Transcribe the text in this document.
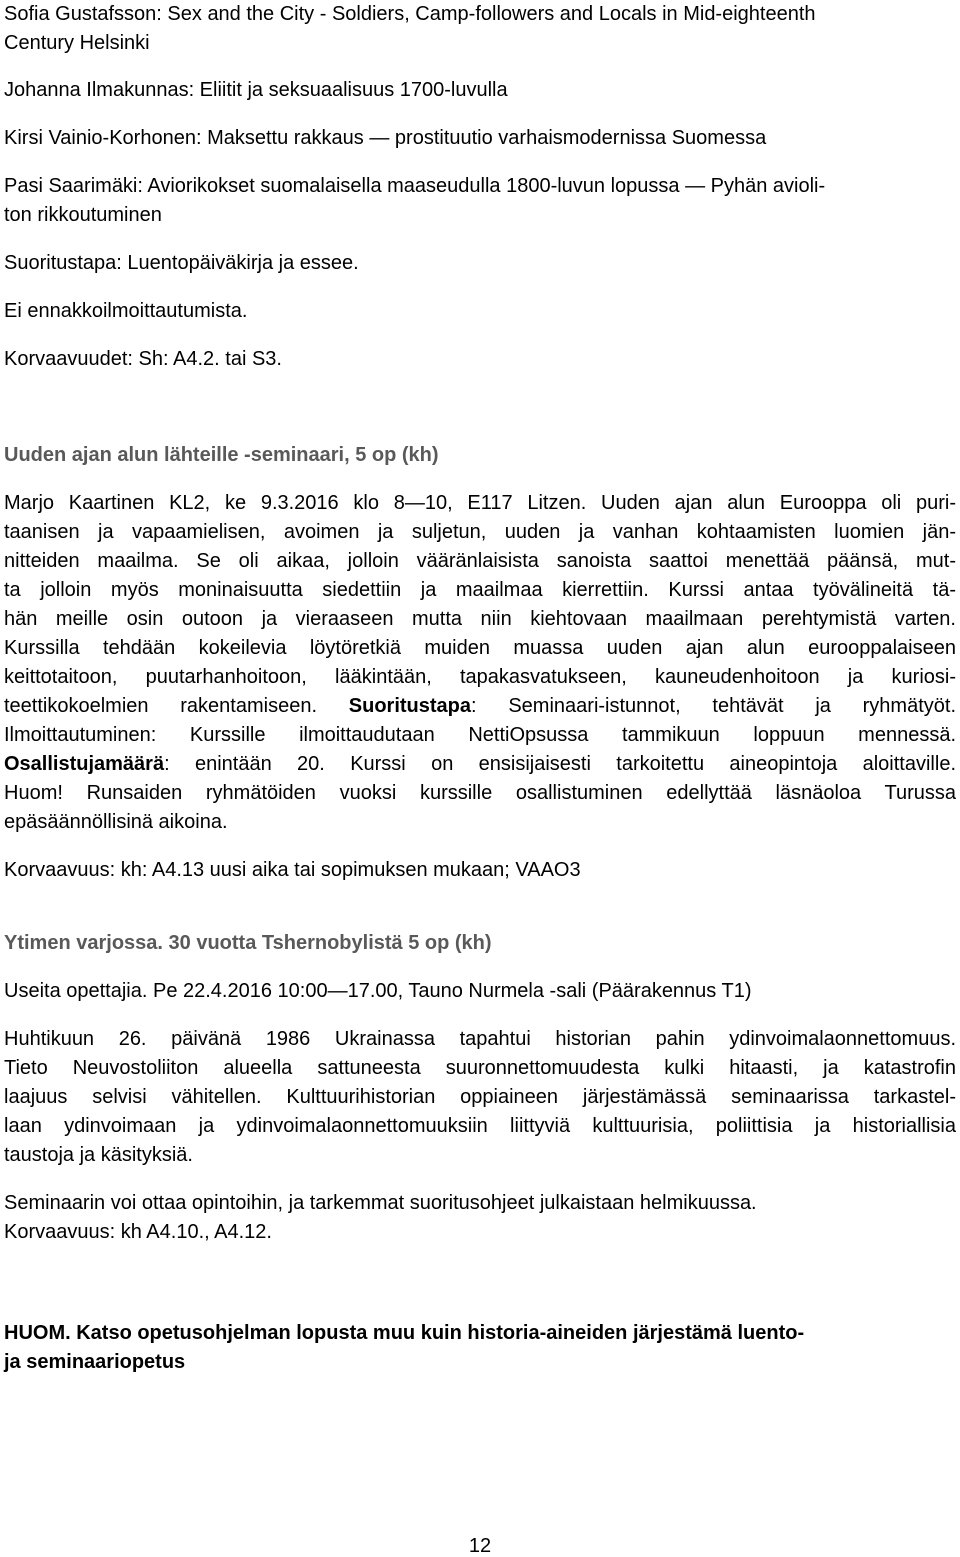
Sofia Gustafsson: Sex and the City - Soldiers, Camp-followers and Locals in Mid-eighteenth
Century Helsinki
Johanna Ilmakunnas: Eliitit ja seksuaalisuus 1700-luvulla
Kirsi Vainio-Korhonen: Maksettu rakkaus ― prostituutio varhaismodernissa Suomessa
Pasi Saarimäki: Aviorikokset suomalaisella maaseudulla 1800-luvun lopussa ― Pyhän avioli-
ton rikkoutuminen
Suoritustapa: Luentopäiväkirja ja essee.
Ei ennakkoilmoittautumista.
Korvaavuudet: Sh: A4.2. tai S3.
Uuden ajan alun lähteille -seminaari, 5 op (kh)
Marjo Kaartinen KL2, ke 9.3.2016 klo 8―10, E117 Litzen. Uuden ajan alun Eurooppa oli puri-
taanisen ja vapaamielisen, avoimen ja suljetun, uuden ja vanhan kohtaamisten luomien jän-
nitteiden maailma. Se oli aikaa, jolloin vääränlaisista sanoista saattoi menettää päänsä, mut-
ta jolloin myös moninaisuutta siedettiin ja maailmaa kierrettiin. Kurssi antaa työvälineitä tä-
hän meille osin outoon ja vieraaseen mutta niin kiehtovaan maailmaan perehtymistä varten.
Kurssilla tehdään kokeilevia löytöretkiä muiden muassa uuden ajan alun eurooppalaiseen
keittotaitoon, puutarhanhoitoon, lääkintään, tapakasvatukseen, kauneudenhoitoon ja kuriosi-
teettikokoelmien rakentamiseen. Suoritustapa: Seminaari-istunnot, tehtävät ja ryhmätyöt.
Ilmoittautuminen: Kurssille ilmoittaudutaan NettiOpsussa tammikuun loppuun mennessä.
Osallistujamäärä: enintään 20. Kurssi on ensisijaisesti tarkoitettu aineopintoja aloittaville.
Huom! Runsaiden ryhmätöiden vuoksi kurssille osallistuminen edellyttää läsnäoloa Turussa
epäsäännöllisinä aikoina.
Korvaavuus: kh: A4.13 uusi aika tai sopimuksen mukaan; VAAO3
Ytimen varjossa. 30 vuotta Tshernobylistä 5 op (kh)
Useita opettajia. Pe 22.4.2016 10:00―17.00, Tauno Nurmela -sali (Päärakennus T1)
Huhtikuun 26. päivänä 1986 Ukrainassa tapahtui historian pahin ydinvoimalaonnettomuus.
Tieto Neuvostoliiton alueella sattuneesta suuronnettomuudesta kulki hitaasti, ja katastrofin
laajuus selvisi vähitellen. Kulttuurihistorian oppiaineen järjestämässä seminaarissa tarkastel-
laan ydinvoimaan ja ydinvoimalaonnettomuuksiin liittyviä kulttuurisia, poliittisia ja historiallisia
taustoja ja käsityksiä.
Seminaarin voi ottaa opintoihin, ja tarkemmat suoritusohjeet julkaistaan helmikuussa.
Korvaavuus: kh A4.10., A4.12.
HUOM. Katso opetusohjelman lopusta muu kuin historia-aineiden järjestämä luento-
ja seminaariopetus
12
